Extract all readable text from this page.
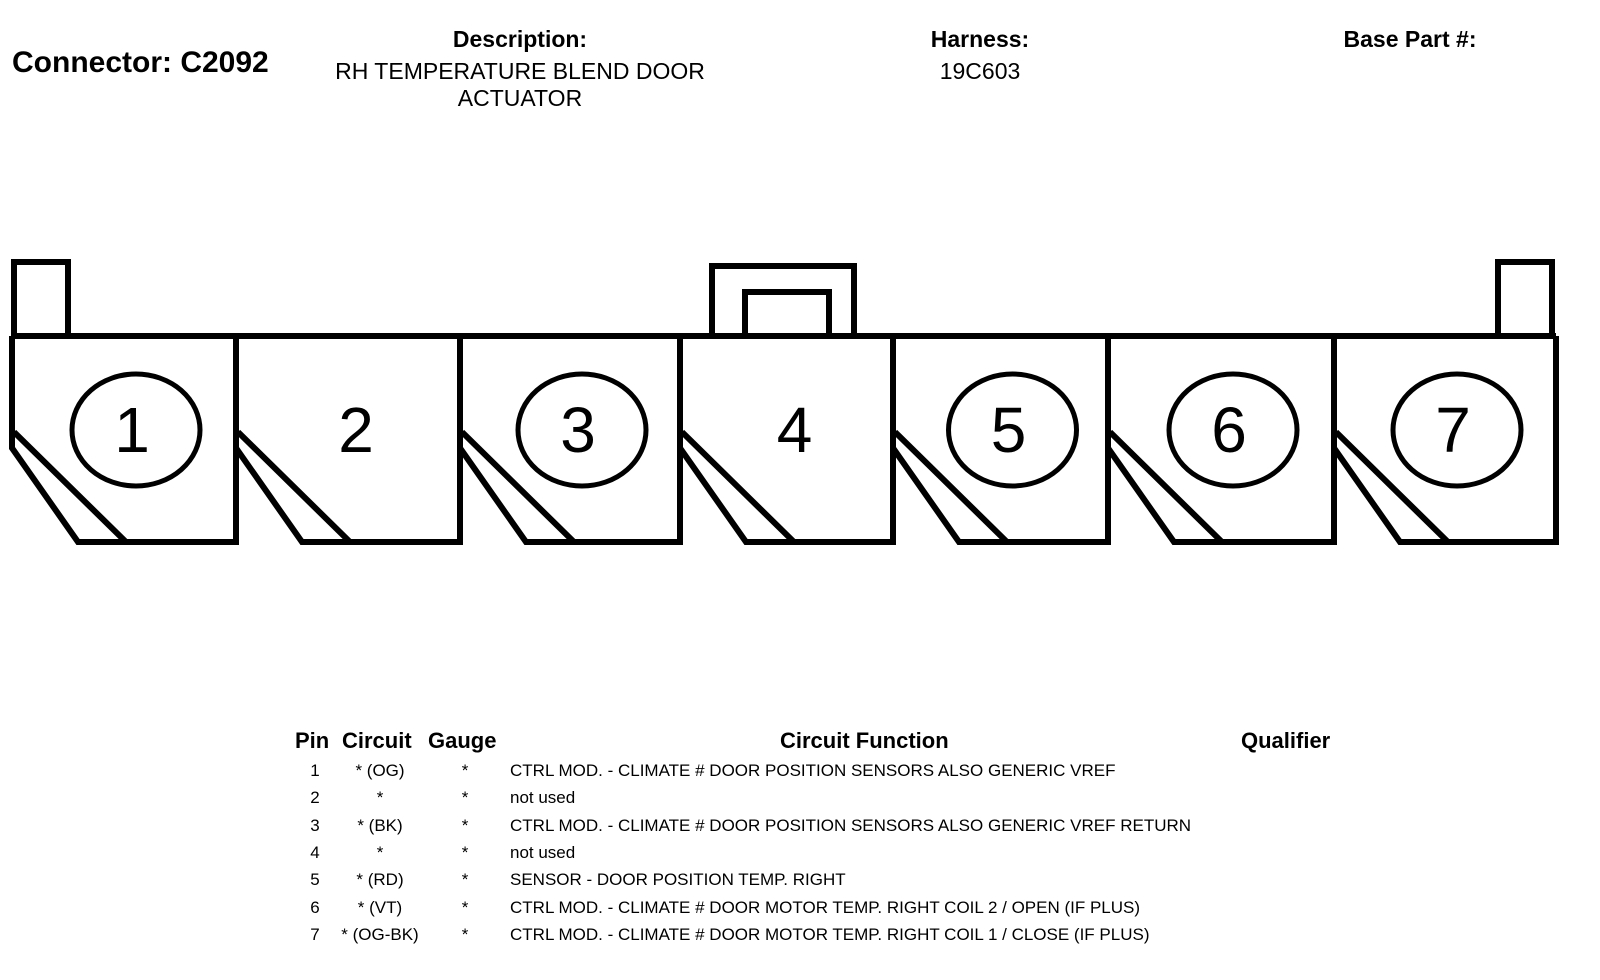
Connector: C2092
Description:
RH TEMPERATURE BLEND DOOR
ACTUATOR
Harness:
19C603
Base Part #:
1	2	3	4	5	6	7
Pin Circuit Gauge	Circuit Function	Qualifier
1	* (OG)	*	CTRL MOD. - CLIMATE # DOOR POSITION SENSORS ALSO GENERIC VREF
2	*	*	not used
3	* (BK)	*	CTRL MOD. - CLIMATE # DOOR POSITION SENSORS ALSO GENERIC VREF RETURN
4	*	*	not used
5	* (RD)	*	SENSOR - DOOR POSITION TEMP. RIGHT
6	* (VT)	*	CTRL MOD. - CLIMATE # DOOR MOTOR TEMP. RIGHT COIL 2 / OPEN (IF PLUS)
7	* (OG-BK)	*	CTRL MOD. - CLIMATE # DOOR MOTOR TEMP. RIGHT COIL 1 / CLOSE (IF PLUS)
